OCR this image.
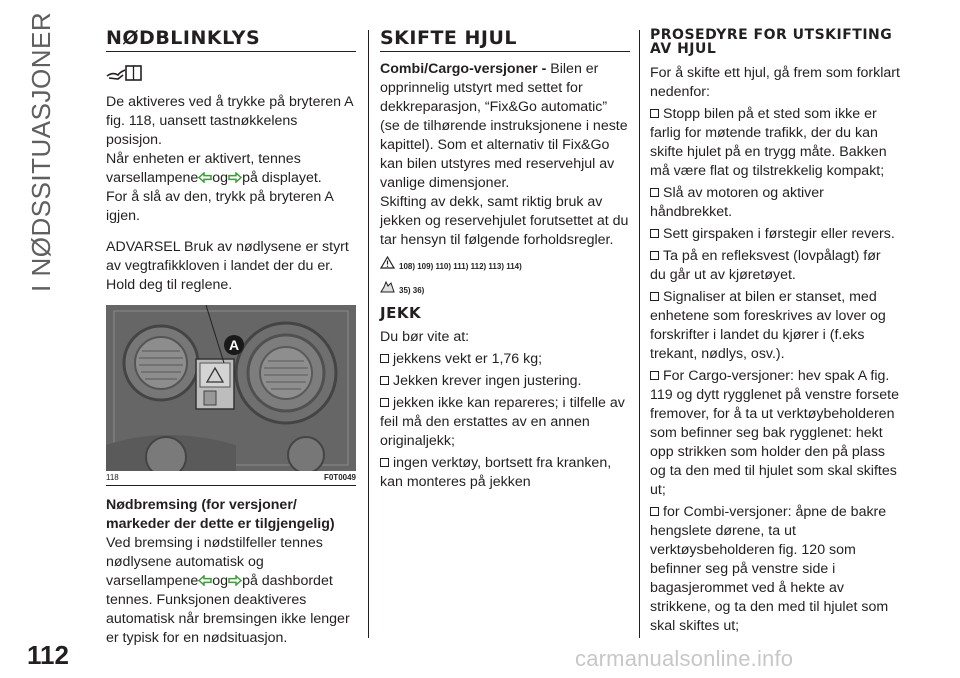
I NØDSSITUASJONER	NØDBLINKLYS

De aktiveres ved å trykke på bryteren A fig. 118, uansett tastnøkkelens posisjon.

Når enheten er aktivert, tennes varsellampene og på displayet.

For å slå av den, trykk på bryteren A igjen.

ADVARSEL Bruk av nødlysene er styrt av vegtrafikkloven i landet der du er. Hold deg til reglene.

A
118	F0T0049

Nødbremsing (for versjoner/ markeder der dette er tilgjengelig)

Ved bremsing i nødstilfeller tennes nødlysene automatisk og varsellampene og på dashbordet tennes. Funksjonen deaktiveres automatisk når bremsingen ikke lenger er typisk for en nødsituasjon.

SKIFTE HJUL

Combi/Cargo-versjoner - Bilen er opprinnelig utstyrt med settet for dekkreparasjon, “Fix&Go automatic” (se de tilhørende instruksjonene i neste kapittel). Som et alternativ til Fix&Go kan bilen utstyres med reservehjul av vanlige dimensjoner.

Skifting av dekk, samt riktig bruk av jekken og reservehjulet forutsettet at du tar hensyn til følgende forholdsregler.

108) 109) 110) 111) 112) 113) 114)
35) 36)
JEKK

Du bør vite at:

jekkens vekt er 1,76 kg;

Jekken krever ingen justering.

jekken ikke kan repareres; i tilfelle av feil må den erstattes av en annen originaljekk;

ingen verktøy, bortsett fra kranken, kan monteres på jekken

PROSEDYRE FOR UTSKIFTING AV HJUL

For å skifte ett hjul, gå frem som forklart nedenfor:

Stopp bilen på et sted som ikke er farlig for møtende trafikk, der du kan skifte hjulet på en trygg måte. Bakken må være flat og tilstrekkelig kompakt;

Slå av motoren og aktiver håndbrekket.

Sett girspaken i førstegir eller revers.

Ta på en refleksvest (lovpålagt) før du går ut av kjøretøyet.

Signaliser at bilen er stanset, med enhetene som foreskrives av lover og forskrifter i landet du kjører i (f.eks trekant, nødlys, osv.).

For Cargo-versjoner: hev spak A fig. 119 og dytt rygglenet på venstre forsete fremover, for å ta ut verktøybeholderen som befinner seg bak rygglenet: hekt opp strikken som holder den på plass og ta den med til hjulet som skal skiftes ut;

for Combi-versjoner: åpne de bakre hengslete dørene, ta ut verktøysbeholderen fig. 120 som befinner seg på venstre side i bagasjerommet ved å hekte av strikkene, og ta den med til hjulet som skal skiftes ut;

112	carmanualsonline.info
